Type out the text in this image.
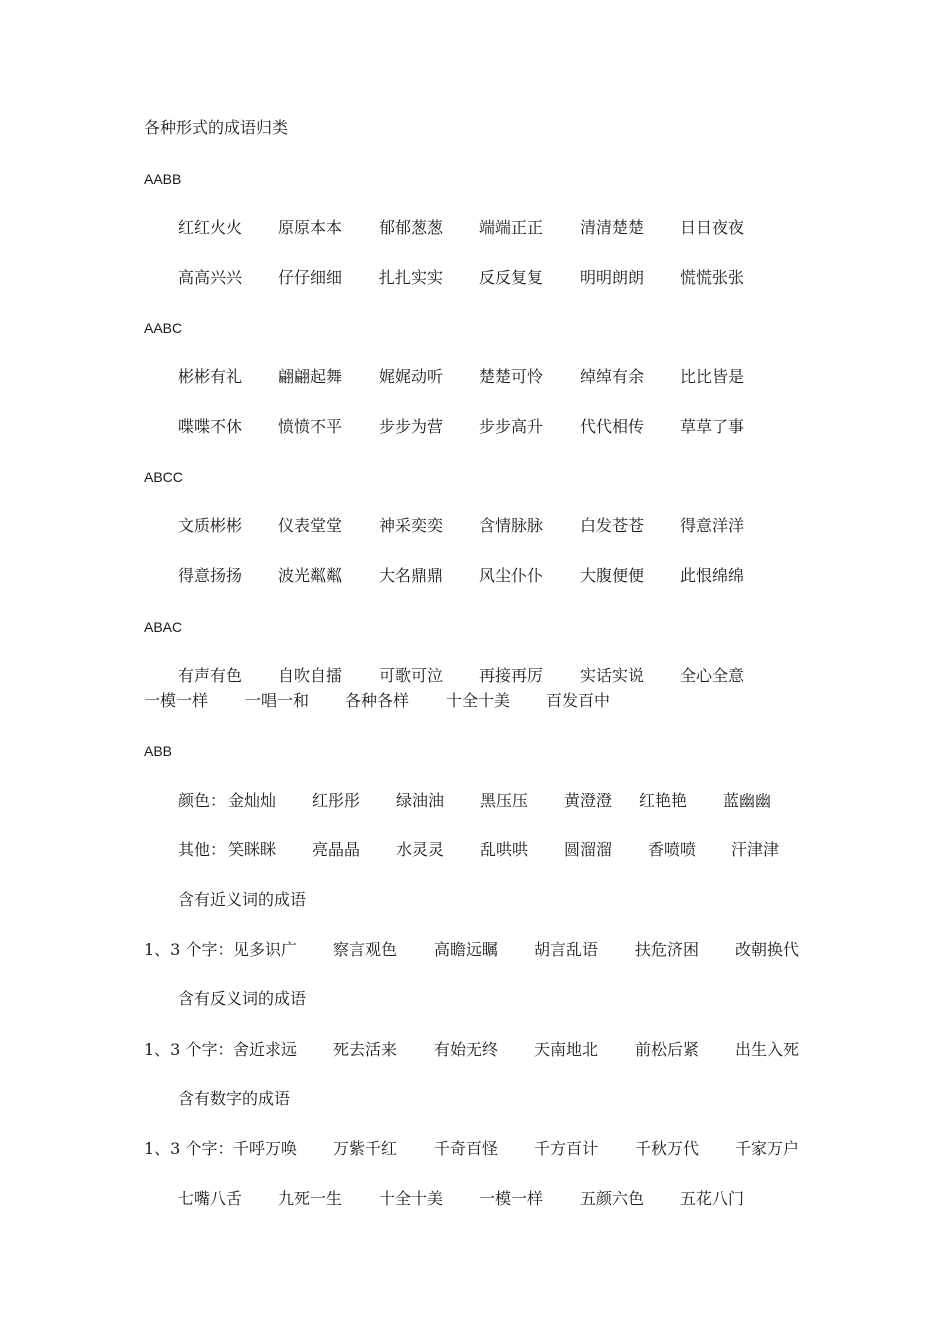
各种形式的成语归类
AABB
红红火火 原原本本 郁郁葱葱 端端正正 清清楚楚 日日夜夜
高高兴兴 仔仔细细 扎扎实实 反反复复 明明朗朗 慌慌张张
AABC
彬彬有礼 翩翩起舞 娓娓动听 楚楚可怜 绰绰有余 比比皆是
喋喋不休 愤愤不平 步步为营 步步高升 代代相传 草草了事
ABCC
文质彬彬 仪表堂堂 神采奕奕 含情脉脉 白发苍苍 得意洋洋
得意扬扬 波光粼粼 大名鼎鼎 风尘仆仆 大腹便便 此恨绵绵
ABAC
有声有色 自吹自擂 可歌可泣 再接再厉 实话实说 全心全意
一模一样 一唱一和 各种各样 十全十美 百发百中
ABB
颜色： 金灿灿 红彤彤 绿油油 黑压压 黄澄澄 红艳艳 蓝幽幽
其他： 笑眯眯 亮晶晶 水灵灵 乱哄哄 圆溜溜 香喷喷 汗津津
含有近义词的成语
1、3 个字： 见多识广 察言观色 高瞻远瞩 胡言乱语 扶危济困 改朝换代
含有反义词的成语
1、3 个字： 舍近求远 死去活来 有始无终 天南地北 前松后紧 出生入死
含有数字的成语
1、3 个字： 千呼万唤 万紫千红 千奇百怪 千方百计 千秋万代 千家万户
七嘴八舌 九死一生 十全十美 一模一样 五颜六色 五花八门
